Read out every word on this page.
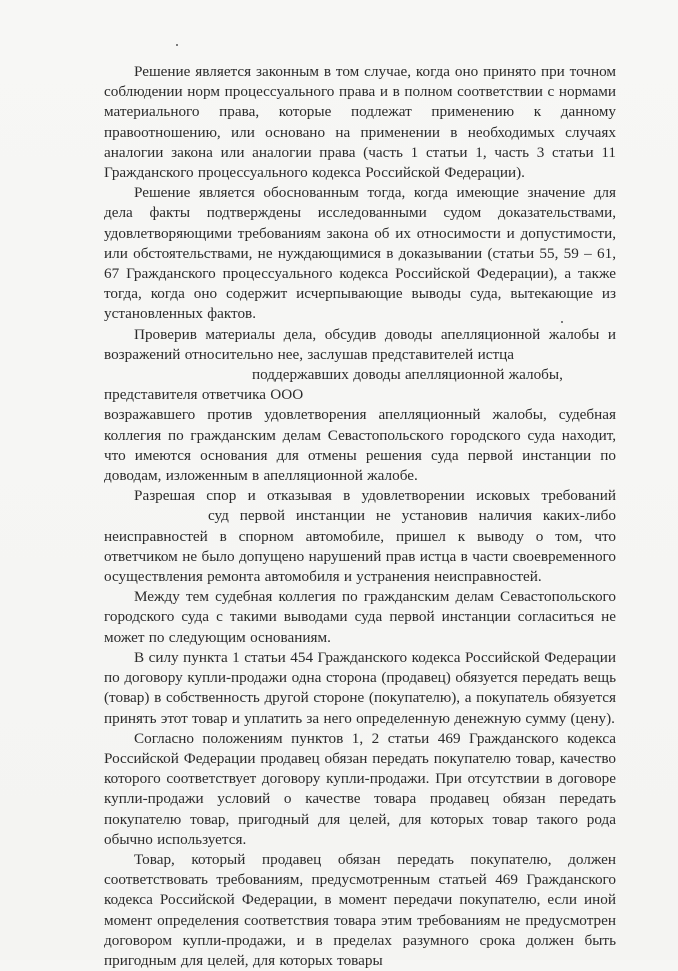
Решение является законным в том случае, когда оно принято при точном соблюдении норм процессуального права и в полном соответствии с нормами материального права, которые подлежат применению к данному правоотношению, или основано на применении в необходимых случаях аналогии закона или аналогии права (часть 1 статьи 1, часть 3 статьи 11 Гражданского процессуального кодекса Российской Федерации).

Решение является обоснованным тогда, когда имеющие значение для дела факты подтверждены исследованными судом доказательствами, удовлетворяющими требованиям закона об их относимости и допустимости, или обстоятельствами, не нуждающимися в доказывании (статьи 55, 59 – 61, 67 Гражданского процессуального кодекса Российской Федерации), а также тогда, когда оно содержит исчерпывающие выводы суда, вытекающие из установленных фактов.

Проверив материалы дела, обсудив доводы апелляционной жалобы и возражений относительно нее, заслушав представителей истца

поддержавших доводы апелляционной жалобы,

представителя ответчика ООО

возражавшего против удовлетворения апелляционный жалобы, судебная коллегия по гражданским делам Севастопольского городского суда находит, что имеются основания для отмены решения суда первой инстанции по доводам, изложенным в апелляционной жалобе.

Разрешая спор и отказывая в удовлетворении исковых требований суд первой инстанции не установив наличия каких-либо неисправностей в спорном автомобиле, пришел к выводу о том, что ответчиком не было допущено нарушений прав истца в части своевременного осуществления ремонта автомобиля и устранения неисправностей.

Между тем судебная коллегия по гражданским делам Севастопольского городского суда с такими выводами суда первой инстанции согласиться не может по следующим основаниям.

В силу пункта 1 статьи 454 Гражданского кодекса Российской Федерации по договору купли-продажи одна сторона (продавец) обязуется передать вещь (товар) в собственность другой стороне (покупателю), а покупатель обязуется принять этот товар и уплатить за него определенную денежную сумму (цену).

Согласно положениям пунктов 1, 2 статьи 469 Гражданского кодекса Российской Федерации продавец обязан передать покупателю товар, качество которого соответствует договору купли-продажи. При отсутствии в договоре купли-продажи условий о качестве товара продавец обязан передать покупателю товар, пригодный для целей, для которых товар такого рода обычно используется.

Товар, который продавец обязан передать покупателю, должен соответствовать требованиям, предусмотренным статьей 469 Гражданского кодекса Российской Федерации, в момент передачи покупателю, если иной момент определения соответствия товара этим требованиям не предусмотрен договором купли-продажи, и в пределах разумного срока должен быть пригодным для целей, для которых товары
